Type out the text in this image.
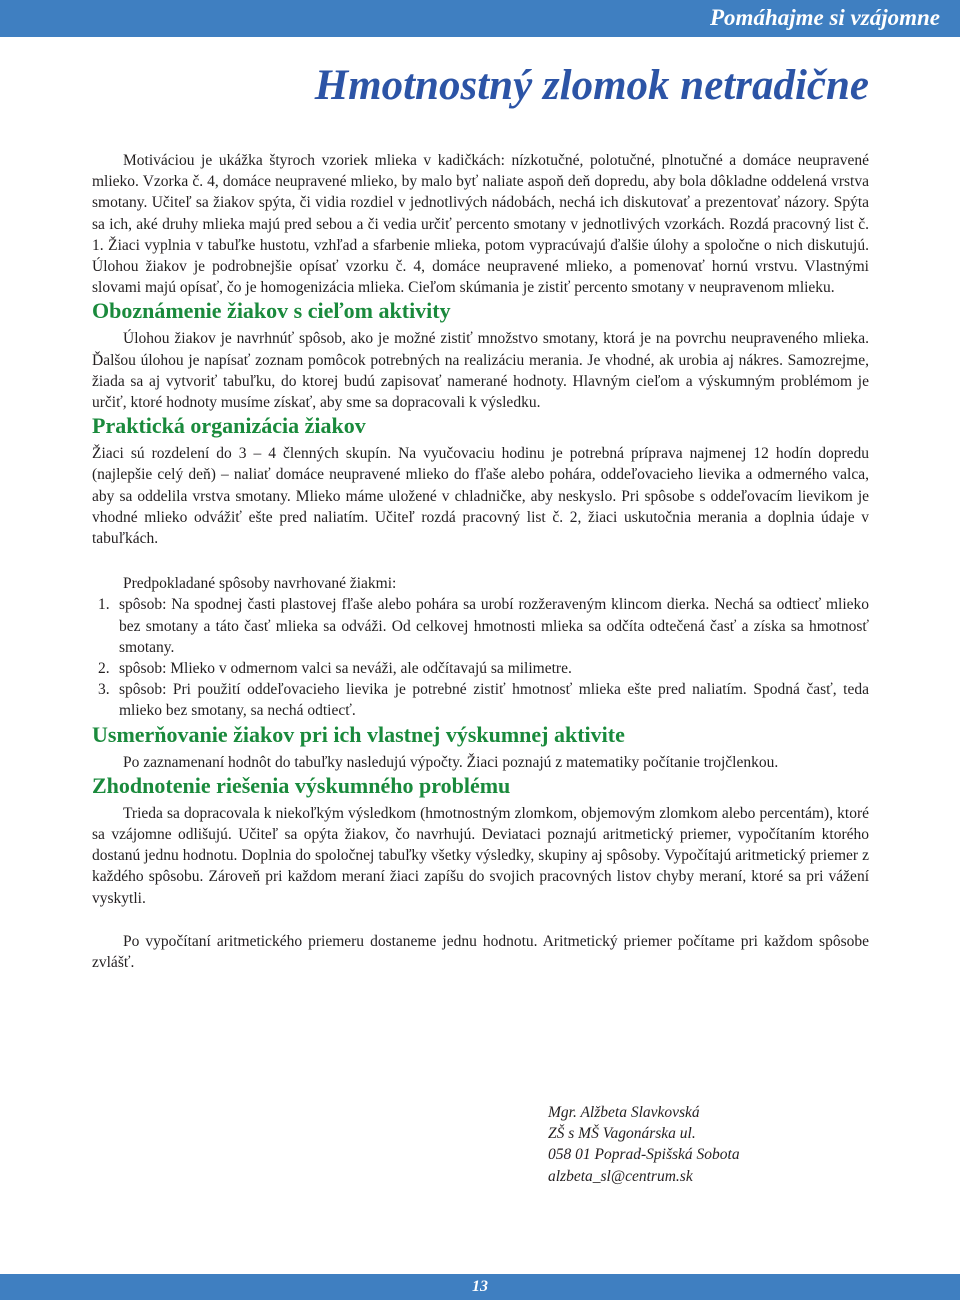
Pomáhajme si vzájomne
Hmotnostný zlomok netradične

Motiváciou je ukážka štyroch vzoriek mlieka v kadičkách: nízkotučné, polotučné, plnotučné a domáce neupravené mlieko. Vzorka č. 4, domáce neupravené mlieko, by malo byť naliate aspoň deň dopredu, aby bola dôkladne oddelená vrstva smotany. Učiteľ sa žiakov spýta, či vidia rozdiel v jednotlivých nádobách, nechá ich diskutovať a prezentovať názory. Spýta sa ich, aké druhy mlieka majú pred sebou a či vedia určiť percento smotany v jednotlivých vzorkách. Rozdá pracovný list č. 1. Žiaci vyplnia v tabuľke hustotu, vzhľad a sfarbenie mlieka, potom vypracúvajú ďalšie úlohy a spoločne o nich diskutujú. Úlohou žiakov je podrobnejšie opísať vzorku č. 4, domáce neupravené mlieko, a pomenovať hornú vrstvu. Vlastnými slovami majú opísať, čo je homogenizácia mlieka. Cieľom skúmania je zistiť percento smotany v neupravenom mlieku.

Oboznámenie žiakov s cieľom aktivity

Úlohou žiakov je navrhnúť spôsob, ako je možné zistiť množstvo smotany, ktorá je na povrchu neupraveného mlieka. Ďalšou úlohou je napísať zoznam pomôcok potrebných na realizáciu merania. Je vhodné, ak urobia aj nákres. Samozrejme, žiada sa aj vytvoriť tabuľku, do ktorej budú zapisovať namerané hodnoty. Hlavným cieľom a výskumným problémom je určiť, ktoré hodnoty musíme získať, aby sme sa dopracovali k výsledku.

Praktická organizácia žiakov

Žiaci sú rozdelení do 3 – 4 členných skupín. Na vyučovaciu hodinu je potrebná príprava najmenej 12 hodín dopredu (najlepšie celý deň) – naliať domáce neupravené mlieko do fľaše alebo pohára, oddeľovacieho lievika a odmerného valca, aby sa oddelila vrstva smotany. Mlieko máme uložené v chladničke, aby neskyslo. Pri spôsobe s oddeľovacím lievikom je vhodné mlieko odvážiť ešte pred naliatím. Učiteľ rozdá pracovný list č. 2, žiaci uskutočnia merania a doplnia údaje v tabuľkách.

Predpokladané spôsoby navrhované žiakmi:

1. spôsob: Na spodnej časti plastovej fľaše alebo pohára sa urobí rozžeraveným klincom dierka. Nechá sa odtiecť mlieko bez smotany a táto časť mlieka sa odváži. Od celkovej hmotnosti mlieka sa odčíta odtečená časť a získa sa hmotnosť smotany.
2. spôsob: Mlieko v odmernom valci sa neváži, ale odčítavajú sa milimetre.
3. spôsob: Pri použití oddeľovacieho lievika je potrebné zistiť hmotnosť mlieka ešte pred naliatím. Spodná časť, teda mlieko bez smotany, sa nechá odtiecť.
Usmerňovanie žiakov pri ich vlastnej výskumnej aktivite

Po zaznamenaní hodnôt do tabuľky nasledujú výpočty. Žiaci poznajú z matematiky počítanie trojčlenkou.

Zhodnotenie riešenia výskumného problému

Trieda sa dopracovala k niekoľkým výsledkom (hmotnostným zlomkom, objemovým zlomkom alebo percentám), ktoré sa vzájomne odlišujú. Učiteľ sa opýta žiakov, čo navrhujú. Deviataci poznajú aritmetický priemer, vypočítaním ktorého dostanú jednu hodnotu. Doplnia do spoločnej tabuľky všetky výsledky, skupiny aj spôsoby. Vypočítajú aritmetický priemer z každého spôsobu. Zároveň pri každom meraní žiaci zapíšu do svojich pracovných listov chyby meraní, ktoré sa pri vážení vyskytli.

Po vypočítaní aritmetického priemeru dostaneme jednu hodnotu. Aritmetický priemer počítame pri každom spôsobe zvlášť.

Mgr. Alžbeta Slavkovská
ZŠ s MŠ Vagonárska ul.
058 01 Poprad-Spišská Sobota
alzbeta_sl@centrum.sk
13
